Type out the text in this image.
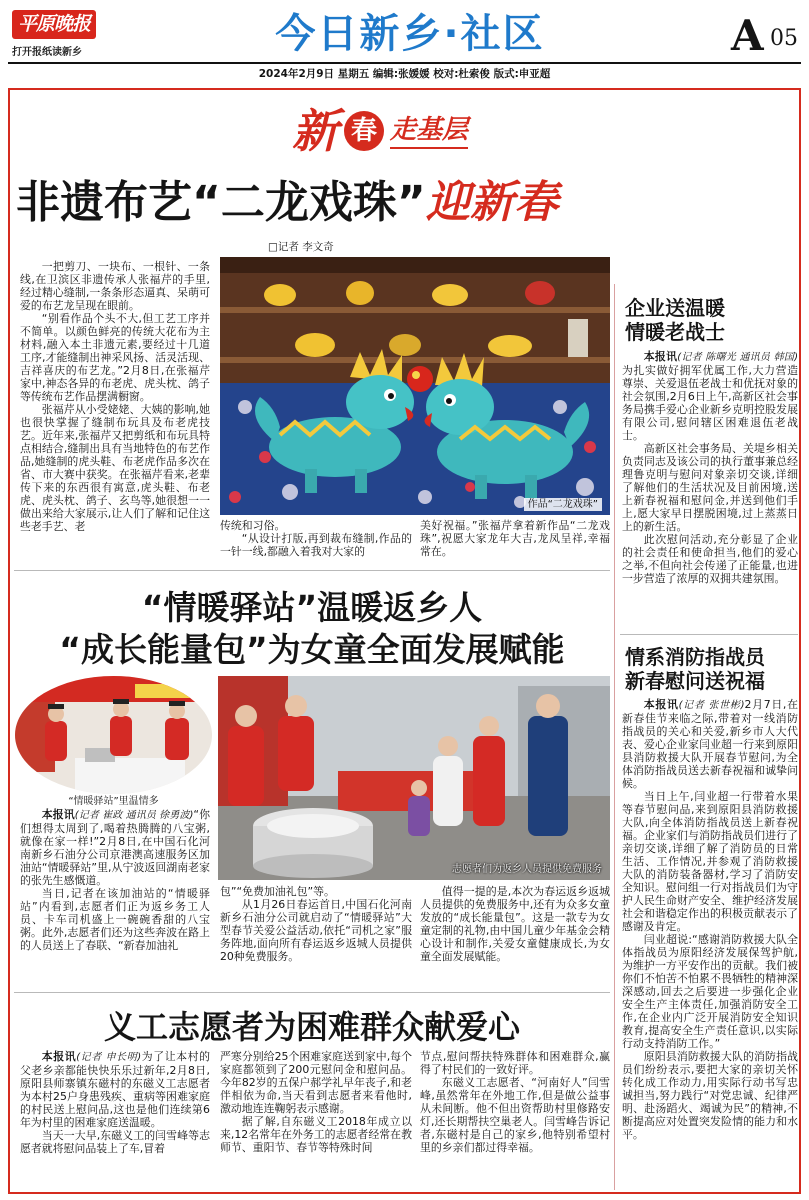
平原晚报
打开报纸读新乡	今日新乡·社区	A 05
2024年2月9日 星期五 编辑:张媛媛 校对:杜索俊 版式:申亚超
新 春 走基层
非遗布艺“二龙戏珠”迎新春
□记者 李文奇

一把剪刀、一块布、一根针、一条线,在卫滨区非遗传承人张福芹的手里,经过精心缝制,一条条形态逼真、呆萌可爱的布艺龙呈现在眼前。

“别看作品个头不大,但工艺工序并不简单。以颜色鲜亮的传统大花布为主材料,融入本土非遗元素,要经过十几道工序,才能缝制出神采风扬、活灵活现、吉祥喜庆的布艺龙。”2月8日,在张福芹家中,神态各异的布老虎、虎头枕、鸽子等传统布艺作品摆满橱窗。

张福芹从小受姥姥、大姨的影响,她也很快掌握了缝制布玩具及布老虎技艺。近年来,张福芹又把剪纸和布玩具特点相结合,缝制出具有当地特色的布艺作品,她缝制的虎头鞋、布老虎作品多次在省、市大赛中获奖。在张福芹看来,老辈传下来的东西很有寓意,虎头鞋、布老虎、虎头枕、鸽子、玄鸟等,她很想一一做出来给大家展示,让人们了解和记住这些老手艺、老

作品“二龙戏珠”

传统和习俗。

“从设计打版,再到裁布缝制,作品的一针一线,都融入着我对大家的

美好祝福。”张福芹拿着新作品“二龙戏珠”,祝愿大家龙年大吉,龙凤呈祥,幸福常在。

企业送温暖
情暖老战士

本报讯(记者 陈曙光 通讯员 韩国)为扎实做好拥军优属工作,大力营造尊崇、关爱退伍老战士和优抚对象的社会氛围,2月6日上午,高新区社会事务局携手爱心企业新乡克明控股发展有限公司,慰问辖区困难退伍老战士。

高新区社会事务局、关堤乡相关负责同志及该公司的执行董事兼总经理鲁克明与慰问对象亲切交谈,详细了解他们的生活状况及目前困境,送上新春祝福和慰问金,并送到他们手上,愿大家早日摆脱困境,过上蒸蒸日上的新生活。

此次慰问活动,充分彰显了企业的社会责任和使命担当,他们的爱心之举,不但向社会传递了正能量,也进一步营造了浓厚的双拥共建氛围。

情系消防指战员
新春慰问送祝福

本报讯(记者 张世彬)2月7日,在新春佳节来临之际,带着对一线消防指战员的关心和关爱,新乡市人大代表、爱心企业家闫业超一行来到原阳县消防救援大队开展春节慰问,为全体消防指战员送去新春祝福和诚挚问候。

当日上午,闫业超一行带着水果等春节慰问品,来到原阳县消防救援大队,向全体消防指战员送上新春祝福。企业家们与消防指战员们进行了亲切交谈,详细了解了消防员的日常生活、工作情况,并参观了消防救援大队的消防装备器材,学习了消防安全知识。慰问组一行对指战员们为守护人民生命财产安全、维护经济发展社会和谐稳定作出的积极贡献表示了感谢及肯定。

闫业超说:“感谢消防救援大队全体指战员为原阳经济发展保驾护航,为维护一方平安作出的贡献。我们被你们不怕苦不怕累不畏牺牲的精神深深感动,回去之后要进一步强化企业安全生产主体责任,加强消防安全工作,在企业内广泛开展消防安全知识教育,提高安全生产责任意识,以实际行动支持消防工作。”

原阳县消防救援大队的消防指战员们纷纷表示,要把大家的亲切关怀转化成工作动力,用实际行动书写忠诚担当,努力践行“对党忠诚、纪律严明、赴汤蹈火、竭诚为民”的精神,不断提高应对处置突发险情的能力和水平。

“情暖驿站”温暖返乡人
“成长能量包”为女童全面发展赋能
“情暖驿站”里温情多
志愿者们为返乡人员提供免费服务

本报讯(记者 崔政 通讯员 徐勇波)“你们想得太周到了,喝着热腾腾的八宝粥,就像在家一样!”2月8日,在中国石化河南新乡石油分公司京港澳高速服务区加油站“情暖驿站”里,从宁波返回湖南老家的张先生感慨道。

当日,记者在该加油站的“情暖驿站”内看到,志愿者们正为返乡务工人员、卡车司机盛上一碗碗香甜的八宝粥。此外,志愿者们还为这些奔波在路上的人员送上了春联、“新春加油礼

包”“免费加油礼包”等。

从1月26日春运首日,中国石化河南新乡石油分公司就启动了“情暖驿站”大型春节关爱公益活动,依托“司机之家”服务阵地,面向所有春运返乡返城人员提供20种免费服务。

值得一提的是,本次为春运返乡返城人员提供的免费服务中,还有为众多女童发放的“成长能量包”。这是一款专为女童定制的礼物,由中国儿童少年基金会精心设计和制作,关爱女童健康成长,为女童全面发展赋能。

义工志愿者为困难群众献爱心

本报讯(记者 申长明)为了让本村的父老乡亲都能快快乐乐过新年,2月8日,原阳县师寨镇东磁村的东磁义工志愿者为本村25户身患残疾、重病等困难家庭的村民送上慰问品,这也是他们连续第6年为村里的困难家庭送温暖。

当天一大早,东磁义工的闫雪峰等志愿者就将慰问品装上了车,冒着

严寒分别给25个困难家庭送到家中,每个家庭都领到了200元慰问金和慰问品。今年82岁的五保户郝学礼早年丧子,和老伴相依为命,当天看到志愿者来看他时,激动地连连鞠躬表示感谢。

据了解,自东磁义工2018年成立以来,12名常年在外务工的志愿者经常在教师节、重阳节、春节等特殊时间

节点,慰问帮扶特殊群体和困难群众,赢得了村民们的一致好评。

东磁义工志愿者、“河南好人”闫雪峰,虽然常年在外地工作,但是做公益事从未间断。他不但出资帮助村里修路安灯,还长期帮扶空巢老人。闫雪峰告诉记者,东磁村是自己的家乡,他特别希望村里的乡亲们都过得幸福。
